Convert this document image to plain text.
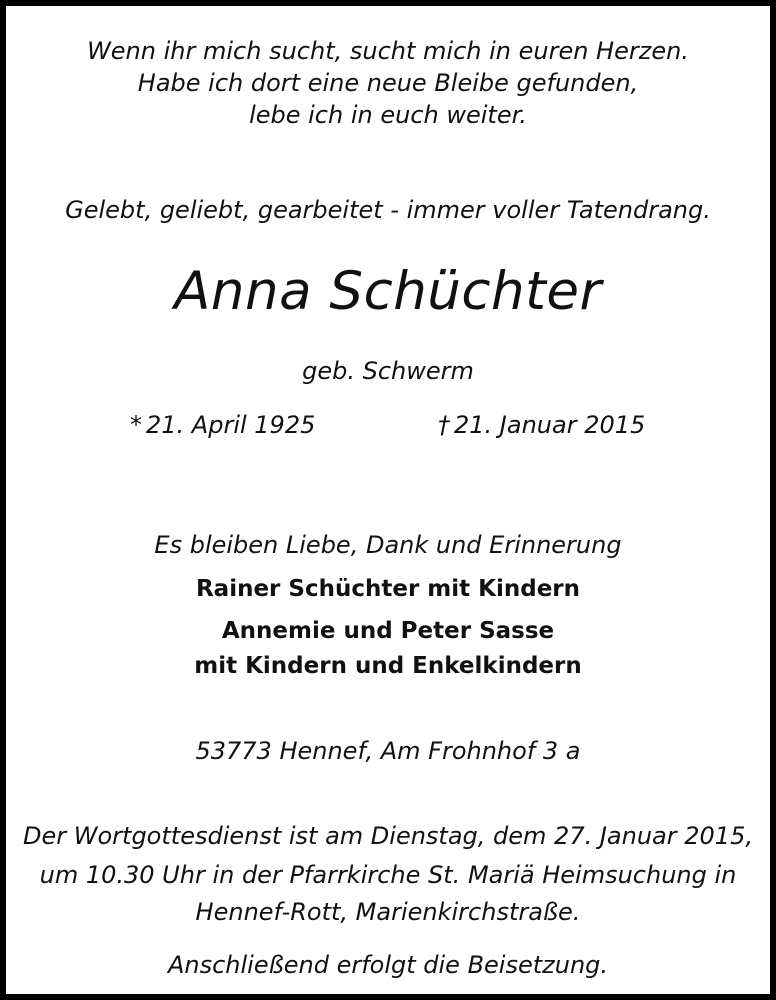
Wenn ihr mich sucht, sucht mich in euren Herzen.
Habe ich dort eine neue Bleibe gefunden,
lebe ich in euch weiter.
Gelebt, geliebt, gearbeitet - immer voller Tatendrang.
Anna Schüchter
geb. Schwerm
* 21. April 1925	† 21. Januar 2015
Es bleiben Liebe, Dank und Erinnerung
Rainer Schüchter mit Kindern
Annemie und Peter Sasse
mit Kindern und Enkelkindern
53773 Hennef, Am Frohnhof 3 a
Der Wortgottesdienst ist am Dienstag, dem 27. Januar 2015,
um 10.30 Uhr in der Pfarrkirche St. Mariä Heimsuchung in
Hennef-Rott, Marienkirchstraße.
Anschließend erfolgt die Beisetzung.
